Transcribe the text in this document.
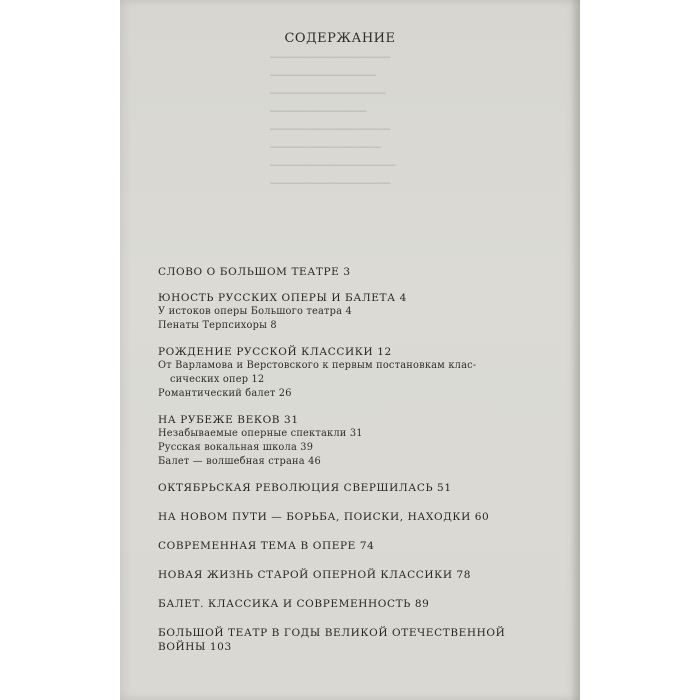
━━━━━━━━━━━━━━━━━━━━━━━━━
━━━━━━━━━━━━━━━━━━━━━━
━━━━━━━━━━━━━━━━━━━━━━━━
━━━━━━━━━━━━━━━━━━━━
━━━━━━━━━━━━━━━━━━━━━━━━━
━━━━━━━━━━━━━━━━━━━━━━━
━━━━━━━━━━━━━━━━━━━━━━━━━━
━━━━━━━━━━━━━━━━━━━━━━━━━
СОДЕРЖАНИЕ
СЛОВО О БОЛЬШОМ ТЕАТРЕ 3
ЮНОСТЬ РУССКИХ ОПЕРЫ И БАЛЕТА 4
У истоков оперы Большого театра 4
Пенаты Терпсихоры 8
РОЖДЕНИЕ РУССКОЙ КЛАССИКИ 12
От Варламова и Верстовского к первым постановкам клас-
сических опер 12
Романтический балет 26
НА РУБЕЖЕ ВЕКОВ 31
Незабываемые оперные спектакли 31
Русская вокальная школа 39
Балет — волшебная страна 46
ОКТЯБРЬСКАЯ РЕВОЛЮЦИЯ СВЕРШИЛАСЬ 51
НА НОВОМ ПУТИ — БОРЬБА, ПОИСКИ, НАХОДКИ 60
СОВРЕМЕННАЯ ТЕМА В ОПЕРЕ 74
НОВАЯ ЖИЗНЬ СТАРОЙ ОПЕРНОЙ КЛАССИКИ 78
БАЛЕТ. КЛАССИКА И СОВРЕМЕННОСТЬ 89
БОЛЬШОЙ ТЕАТР В ГОДЫ ВЕЛИКОЙ ОТЕЧЕСТВЕННОЙ
ВОЙНЫ 103
